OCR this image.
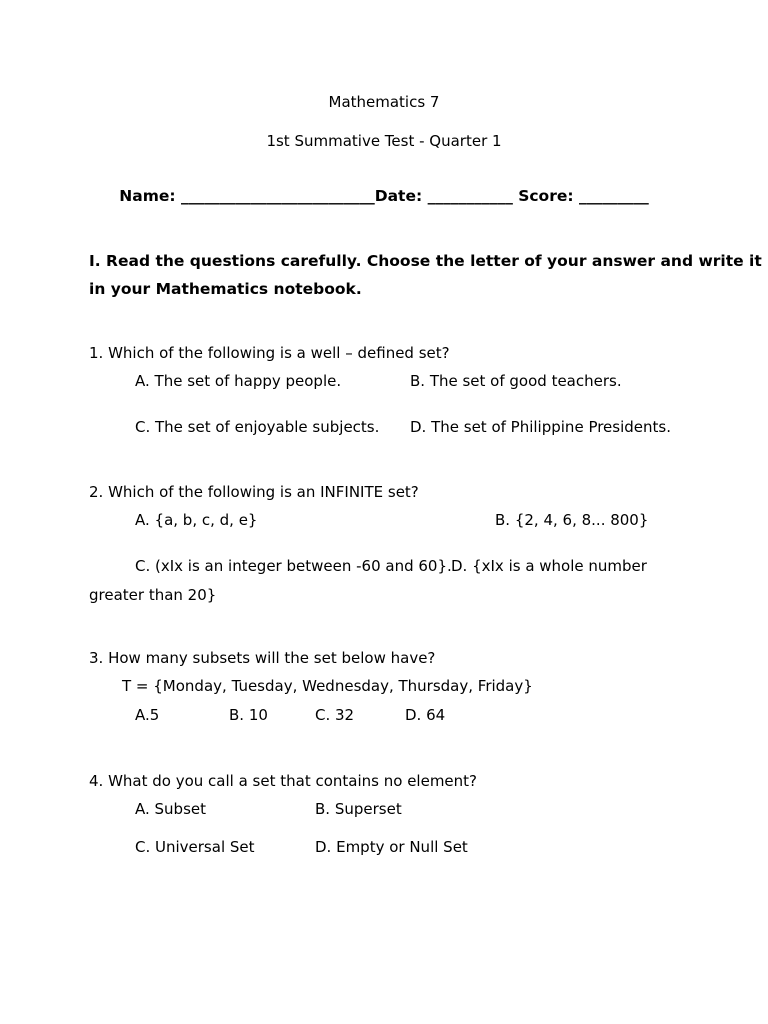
Mathematics 7
1st Summative Test - Quarter 1
Name: _________________________Date: ___________ Score: _________
I. Read the questions carefully. Choose the letter of your answer and write it
in your Mathematics notebook.
1. Which of the following is a well – defined set?
A. The set of happy people.	B. The set of good teachers.
C. The set of enjoyable subjects. D. The set of Philippine Presidents.
2. Which of the following is an INFINITE set?
A. {a, b, c, d, e}	B. {2, 4, 6, 8... 800}
C. (xIx is an integer between -60 and 60}. D. {xIx is a whole number
greater than 20}
3. How many subsets will the set below have?
T = {Monday, Tuesday, Wednesday, Thursday, Friday}
A.5	B. 10	C. 32	D. 64
4. What do you call a set that contains no element?
A. Subset	B. Superset
C. Universal Set	D. Empty or Null Set
